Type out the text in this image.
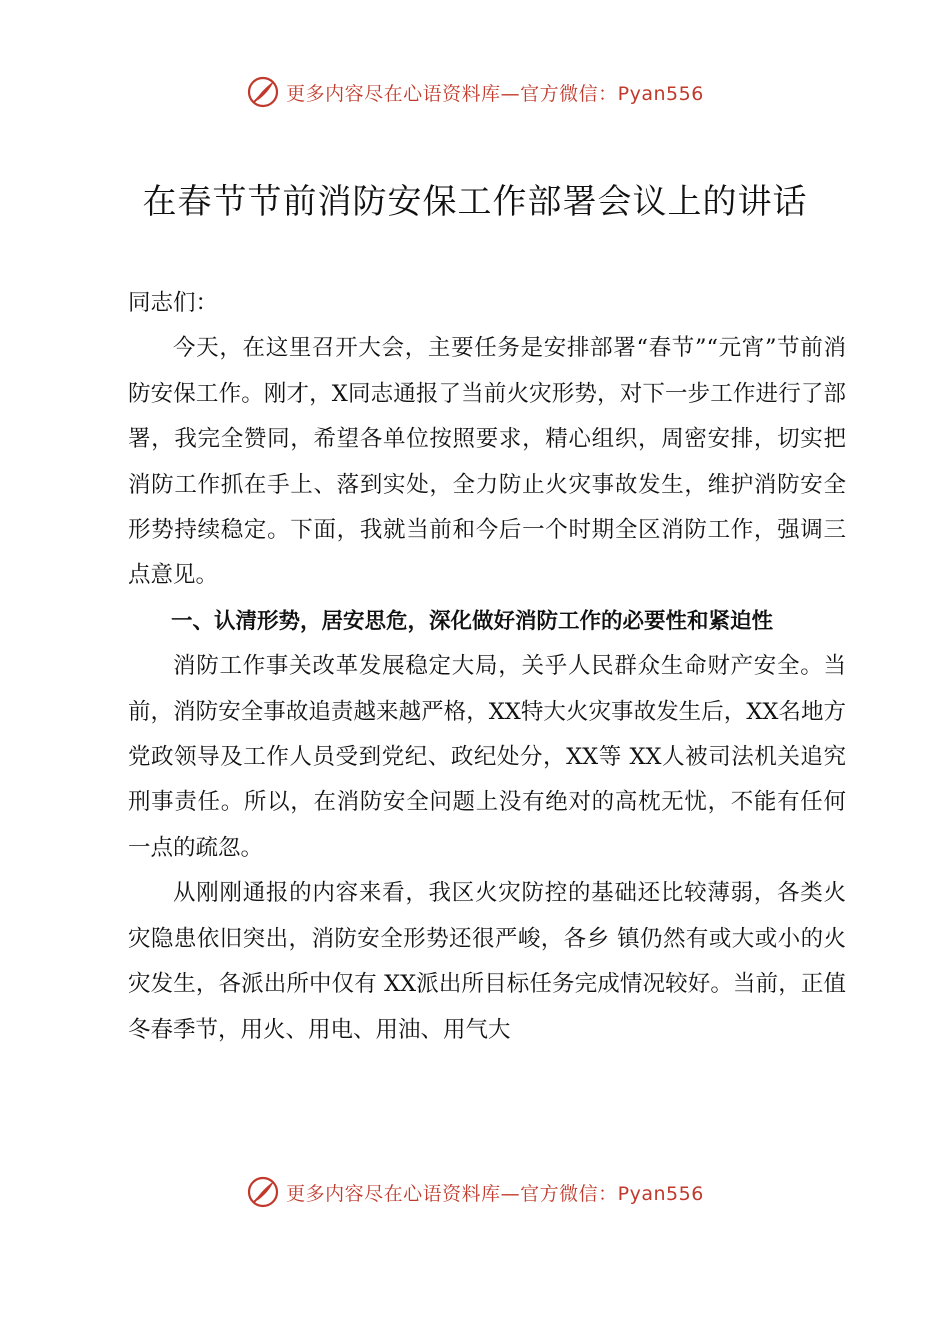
更多内容尽在心语资料库—官方微信：Pyan556
在春节节前消防安保工作部署会议上的讲话

同志们：

今天，在这里召开大会，主要任务是安排部署“春节”“元宵”节前消防安保工作。刚才，X同志通报了当前火灾形势，对下一步工作进行了部署，我完全赞同，希望各单位按照要求，精心组织，周密安排，切实把消防工作抓在手上、落到实处，全力防止火灾事故发生，维护消防安全形势持续稳定。下面，我就当前和今后一个时期全区消防工作，强调三点意见。

一、认清形势，居安思危，深化做好消防工作的必要性和紧迫性

消防工作事关改革发展稳定大局，关乎人民群众生命财产安全。当前，消防安全事故追责越来越严格，XX特大火灾事故发生后，XX名地方党政领导及工作人员受到党纪、政纪处分，XX等 XX人被司法机关追究刑事责任。所以，在消防安全问题上没有绝对的高枕无忧，不能有任何一点的疏忽。

从刚刚通报的内容来看，我区火灾防控的基础还比较薄弱，各类火灾隐患依旧突出，消防安全形势还很严峻，各乡 镇仍然有或大或小的火灾发生，各派出所中仅有 XX派出所目标任务完成情况较好。当前，正值冬春季节，用火、用电、用油、用气大

更多内容尽在心语资料库—官方微信：Pyan556
